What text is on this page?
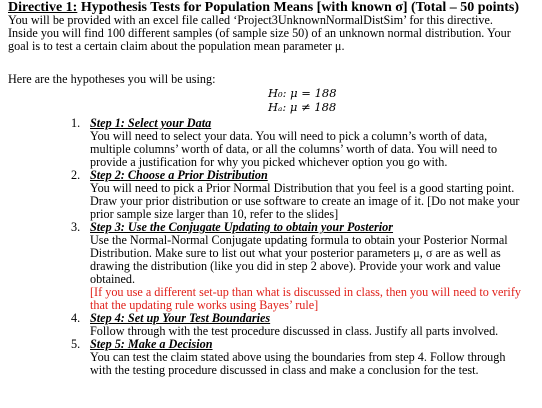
Directive 1: Hypothesis Tests for Population Means [with known σ] (Total – 50 points)
You will be provided with an excel file called ‘Project3UnknownNormalDistSim’ for this directive.
Inside you will find 100 different samples (of sample size 50) of an unknown normal distribution. Your
goal is to test a certain claim about the population mean parameter μ.
Here are the hypotheses you will be using:
H₀: μ = 188
Hₐ: μ ≠ 188
1. Step 1: Select your Data
You will need to select your data. You will need to pick a column’s worth of data,
multiple columns’ worth of data, or all the columns’ worth of data. You will need to
provide a justification for why you picked whichever option you go with.
2. Step 2: Choose a Prior Distribution
You will need to pick a Prior Normal Distribution that you feel is a good starting point.
Draw your prior distribution or use software to create an image of it. [Do not make your
prior sample size larger than 10, refer to the slides]
3. Step 3: Use the Conjugate Updating to obtain your Posterior
Use the Normal-Normal Conjugate updating formula to obtain your Posterior Normal
Distribution. Make sure to list out what your posterior parameters μ, σ are as well as
drawing the distribution (like you did in step 2 above). Provide your work and value
obtained.
[If you use a different set-up than what is discussed in class, then you will need to verify
that the updating rule works using Bayes’ rule]
4. Step 4: Set up Your Test Boundaries
Follow through with the test procedure discussed in class. Justify all parts involved.
5. Step 5: Make a Decision
You can test the claim stated above using the boundaries from step 4. Follow through
with the testing procedure discussed in class and make a conclusion for the test.
